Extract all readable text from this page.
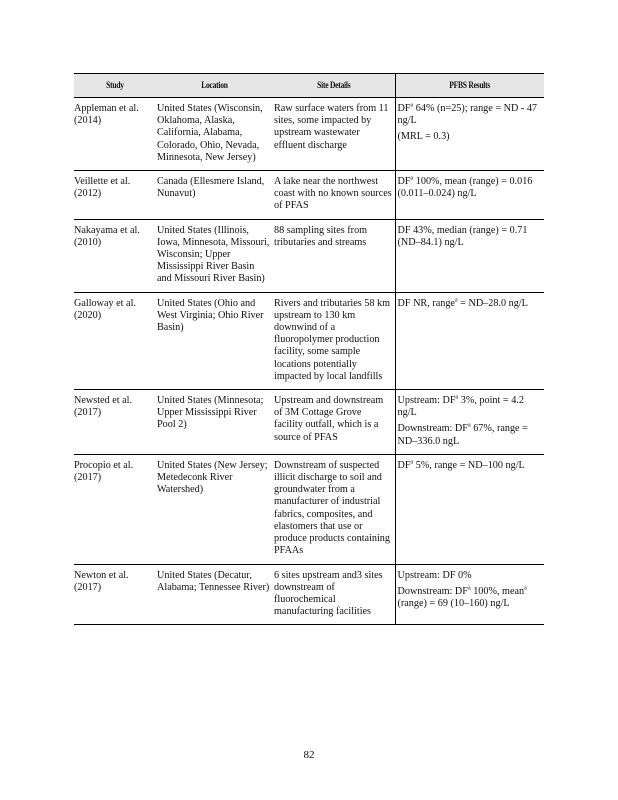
Study	Location	Site Details	PFBS Results
Appleman et al. (2014)	United States (Wisconsin, Oklahoma, Alaska, California, Alabama, Colorado, Ohio, Nevada, Minnesota, New Jersey)	Raw surface waters from 11 sites, some impacted by upstream wastewater effluent discharge	$DF^a$ 64% (n=25); range = ND - 47 ng/L
(MRL = 0.3)

Veillette et al. (2012)	Canada (Ellesmere Island, Nunavut)	A lake near the northwest coast with no known sources of PFAS	$DF^a$ 100%, mean (range) = 0.016 (0.011–0.024) ng/L

Nakayama et al. (2010)	United States (Illinois, Iowa, Minnesota, Missouri, Wisconsin; Upper Mississippi River Basin and Missouri River Basin)	88 sampling sites from tributaries and streams	DF 43%, median (range) = 0.71 (ND–84.1) ng/L

Galloway et al. (2020)	United States (Ohio and West Virginia; Ohio River Basin)	Rivers and tributaries 58 km upstream to 130 km downwind of a fluoropolymer production facility, some sample locations potentially impacted by local landfills	DF NR, range$^a$ = ND–28.0 ng/L

Newsted et al. (2017)	United States (Minnesota; Upper Mississippi River Pool 2)	Upstream and downstream of 3M Cottage Grove facility outfall, which is a source of PFAS	Upstream: $DF^a$ 3%, point = 4.2 ng/L
Downstream: $DF^a$ 67%, range = ND–336.0 ngL

Procopio et al. (2017)	United States (New Jersey; Metedeconk River Watershed)	Downstream of suspected illicit discharge to soil and groundwater from a manufacturer of industrial fabrics, composites, and elastomers that use or produce products containing PFAAs	$DF^a$ 5%, range = ND–100 ng/L

Newton et al. (2017)	United States (Decatur, Alabama; Tennessee River)	6 sites upstream and3 sites downstream of fluorochemical manufacturing facilities	Upstream: DF 0%
Downstream: $DF^a$ 100%, mean$^a$ (range) = 69 (10–160) ng/L
82
